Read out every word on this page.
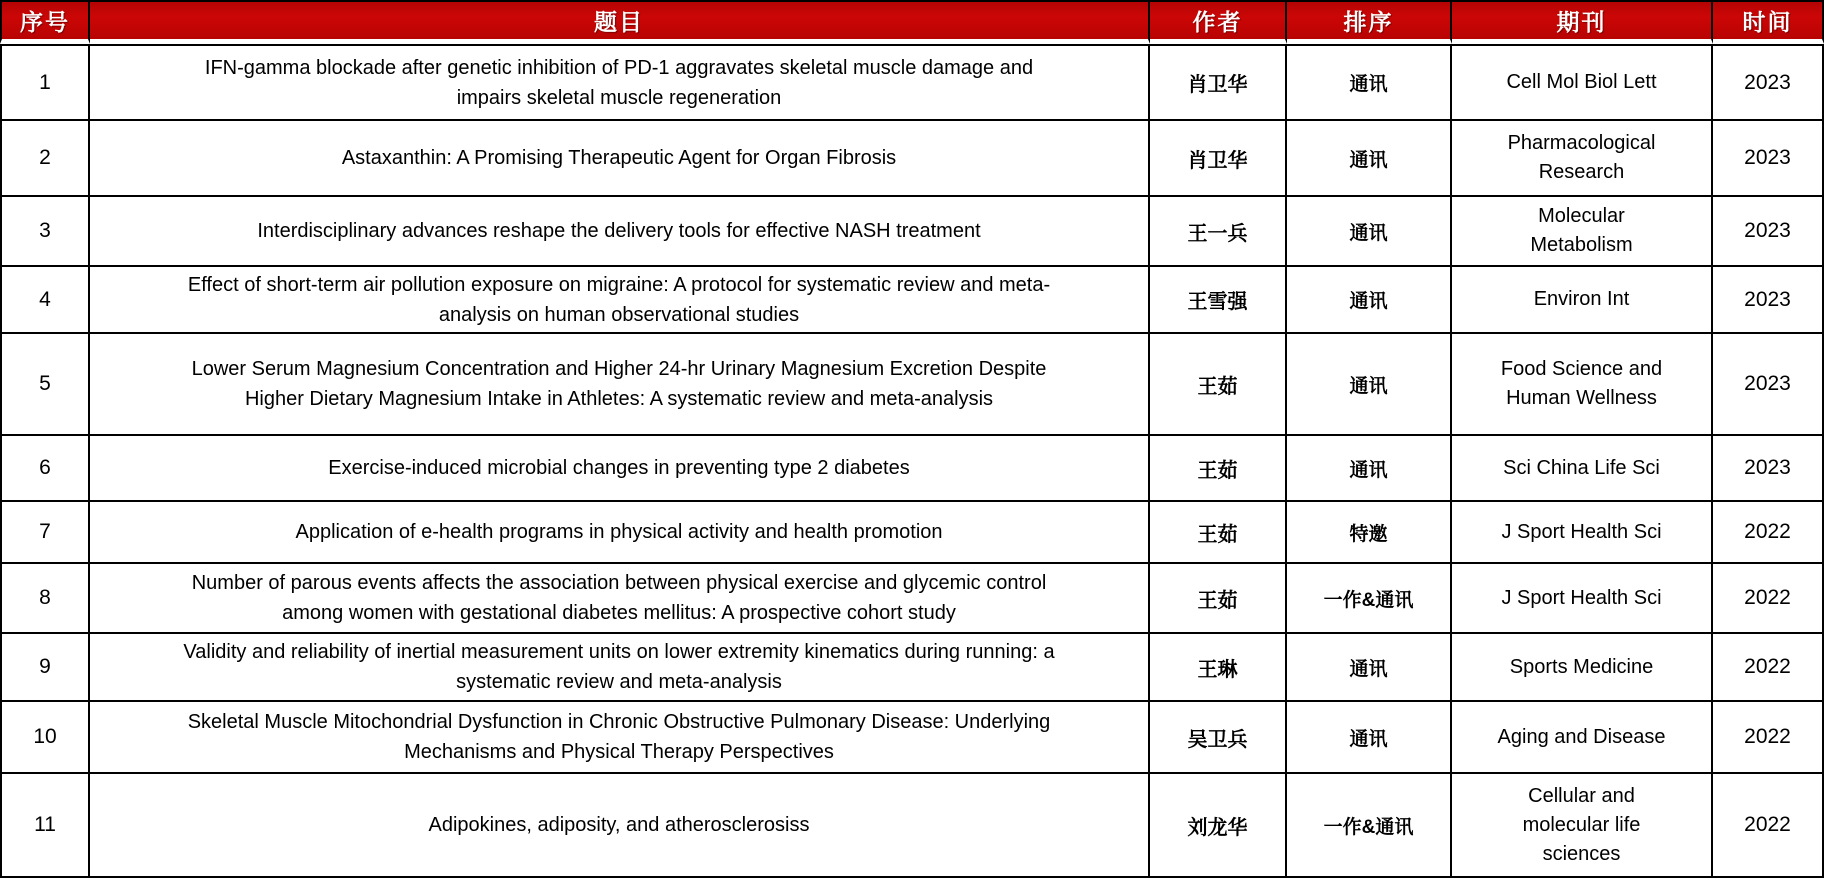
序号	题目	作者	排序	期刊	时间
1	IFN-gamma blockade after genetic inhibition of PD-1 aggravates skeletal muscle damage and impairs skeletal muscle regeneration	肖卫华	通讯	Cell Mol Biol Lett	2023
2	Astaxanthin: A Promising Therapeutic Agent for Organ Fibrosis	肖卫华	通讯	Pharmacological Research	2023
3	Interdisciplinary advances reshape the delivery tools for effective NASH treatment	王一兵	通讯	Molecular Metabolism	2023
4	Effect of short-term air pollution exposure on migraine: A protocol for systematic review and meta-analysis on human observational studies	王雪强	通讯	Environ Int	2023
5	Lower Serum Magnesium Concentration and Higher 24-hr Urinary Magnesium Excretion Despite Higher Dietary Magnesium Intake in Athletes: A systematic review and meta-analysis	王茹	通讯	Food Science and Human Wellness	2023
6	Exercise-induced microbial changes in preventing type 2 diabetes	王茹	通讯	Sci China Life Sci	2023
7	Application of e-health programs in physical activity and health promotion	王茹	特邀	J Sport Health Sci	2022
8	Number of parous events affects the association between physical exercise and glycemic control among women with gestational diabetes mellitus: A prospective cohort study	王茹	一作&通讯	J Sport Health Sci	2022
9	Validity and reliability of inertial measurement units on lower extremity kinematics during running: a systematic review and meta-analysis	王琳	通讯	Sports Medicine	2022
10	Skeletal Muscle Mitochondrial Dysfunction in Chronic Obstructive Pulmonary Disease: Underlying Mechanisms and Physical Therapy Perspectives	吴卫兵	通讯	Aging and Disease	2022
11	Adipokines, adiposity, and atherosclerosiss	刘龙华	一作&通讯	Cellular and molecular life sciences	2022
